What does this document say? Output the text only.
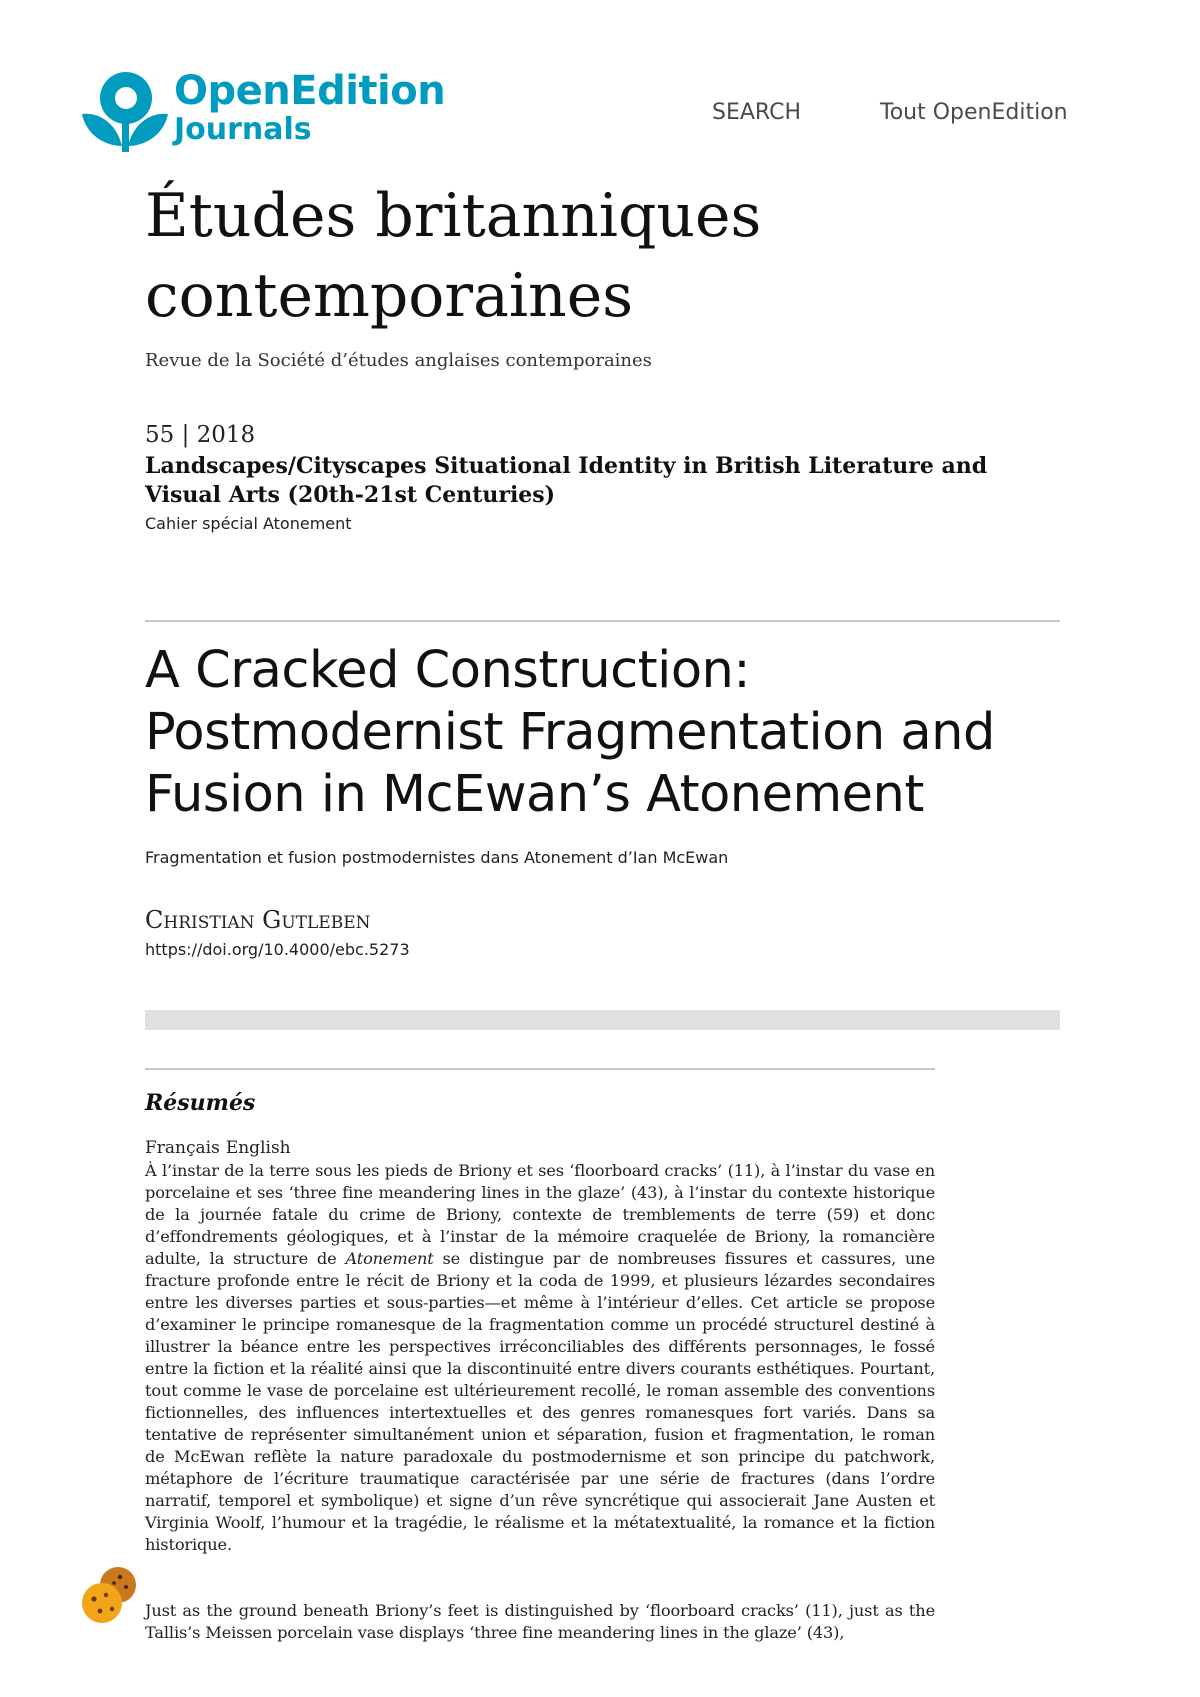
OpenEdition
Journals	SEARCH	Tout OpenEdition
Études britanniques contemporaines
Revue de la Société d’études anglaises contemporaines
55 | 2018
Landscapes/Cityscapes Situational Identity in British Literature and Visual Arts (20th-21st Centuries)
Cahier spécial Atonement
A Cracked Construction: Postmodernist Fragmentation and Fusion in McEwan’s Atonement
Fragmentation et fusion postmodernistes dans Atonement d’Ian McEwan
Christian Gutleben
https://doi.org/10.4000/ebc.5273
Résumés
Français English

À l’instar de la terre sous les pieds de Briony et ses ‘floorboard cracks’ (11), à l’instar du vase en porcelaine et ses ‘three fine meandering lines in the glaze’ (43), à l’instar du contexte historique de la journée fatale du crime de Briony, contexte de tremblements de terre (59) et donc d’effondrements géologiques, et à l’instar de la mémoire craquelée de Briony, la romancière adulte, la structure de Atonement se distingue par de nombreuses fissures et cassures, une fracture profonde entre le récit de Briony et la coda de 1999, et plusieurs lézardes secondaires entre les diverses parties et sous-parties—et même à l’intérieur d’elles. Cet article se propose d’examiner le principe romanesque de la fragmentation comme un procédé structurel destiné à illustrer la béance entre les perspectives irréconciliables des différents personnages, le fossé entre la fiction et la réalité ainsi que la discontinuité entre divers courants esthétiques. Pourtant, tout comme le vase de porcelaine est ultérieurement recollé, le roman assemble des conventions fictionnelles, des influences intertextuelles et des genres romanesques fort variés. Dans sa tentative de représenter simultanément union et séparation, fusion et fragmentation, le roman de McEwan reflète la nature paradoxale du postmodernisme et son principe du patchwork, métaphore de l’écriture traumatique caractérisée par une série de fractures (dans l’ordre narratif, temporel et symbolique) et signe d’un rêve syncrétique qui associerait Jane Austen et Virginia Woolf, l’humour et la tragédie, le réalisme et la métatextualité, la romance et la fiction historique.

Just as the ground beneath Briony’s feet is distinguished by ‘floorboard cracks’ (11), just as the Tallis’s Meissen porcelain vase displays ‘three fine meandering lines in the glaze’ (43),
